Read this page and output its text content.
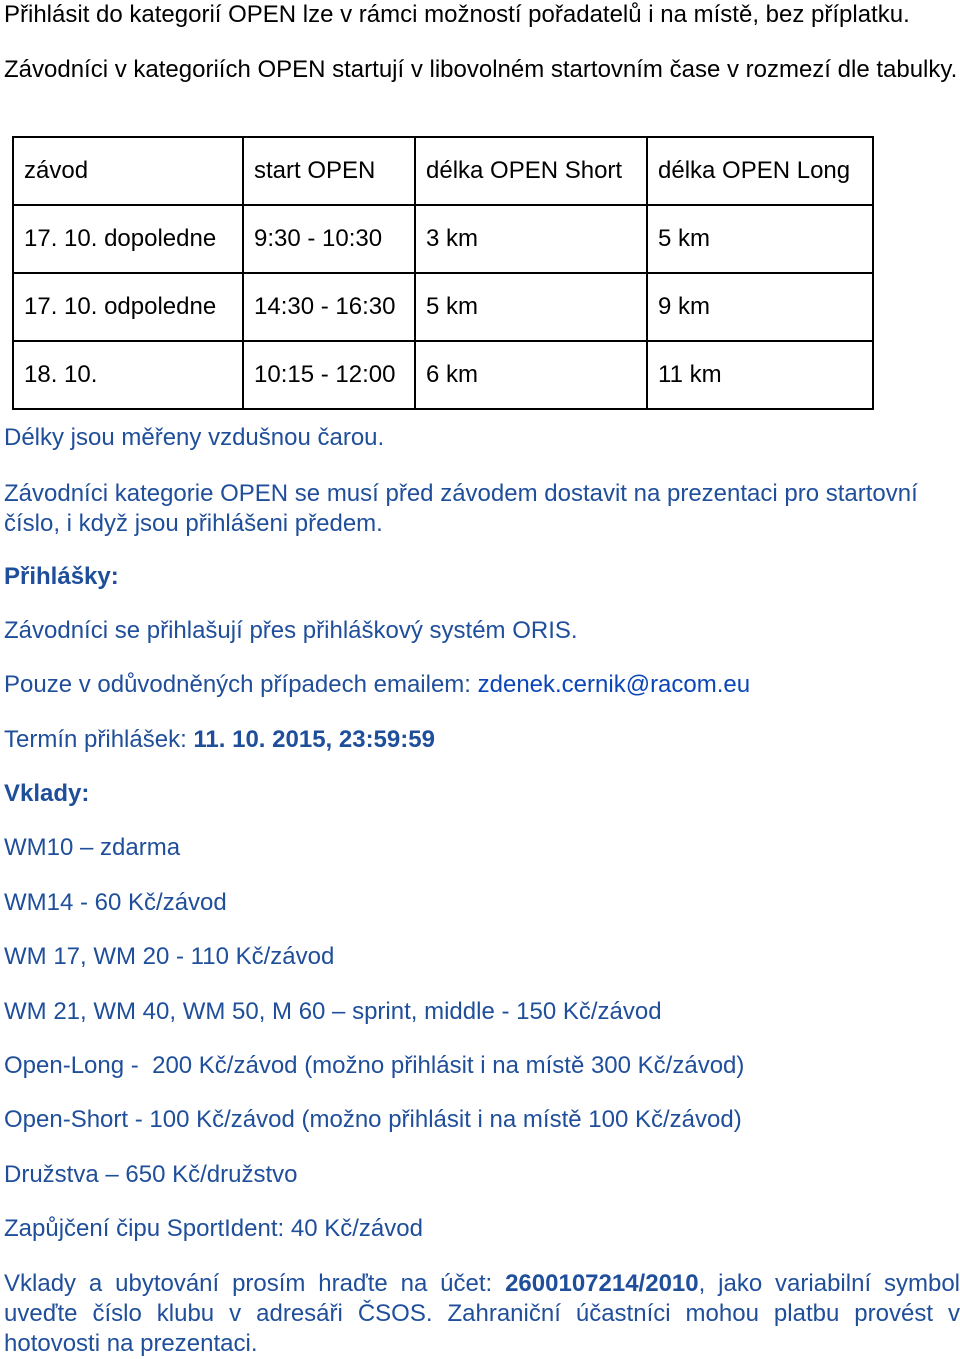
Přihlásit do kategorií OPEN lze v rámci možností pořadatelů i na místě, bez příplatku.

Závodníci v kategoriích OPEN startují v libovolném startovním čase v rozmezí dle tabulky.

závod	start OPEN	délka OPEN Short	délka OPEN Long
17. 10. dopoledne	9:30 - 10:30	3 km	5 km
17. 10. odpoledne	14:30 - 16:30	5 km	9 km
18. 10.	10:15 - 12:00	6 km	11 km

Délky jsou měřeny vzdušnou čarou.

Závodníci kategorie OPEN se musí před závodem dostavit na prezentaci pro startovní číslo, i když jsou přihlášeni předem.

Přihlášky:

Závodníci se přihlašují přes přihláškový systém ORIS.

Pouze v odůvodněných případech emailem: zdenek.cernik@racom.eu

Termín přihlášek: 11. 10. 2015, 23:59:59

Vklady:

WM10 – zdarma

WM14 - 60 Kč/závod

WM 17, WM 20 - 110 Kč/závod

WM 21, WM 40, WM 50, M 60 – sprint, middle - 150 Kč/závod

Open-Long -  200 Kč/závod (možno přihlásit i na místě 300 Kč/závod)

Open-Short - 100 Kč/závod (možno přihlásit i na místě 100 Kč/závod)

Družstva – 650 Kč/družstvo

Zapůjčení čipu SportIdent: 40 Kč/závod

Vklady a ubytování prosím hraďte na účet: 2600107214/2010, jako variabilní symbol uveďte číslo klubu v adresáři ČSOS. Zahraniční účastníci mohou platbu provést v hotovosti na prezentaci.
